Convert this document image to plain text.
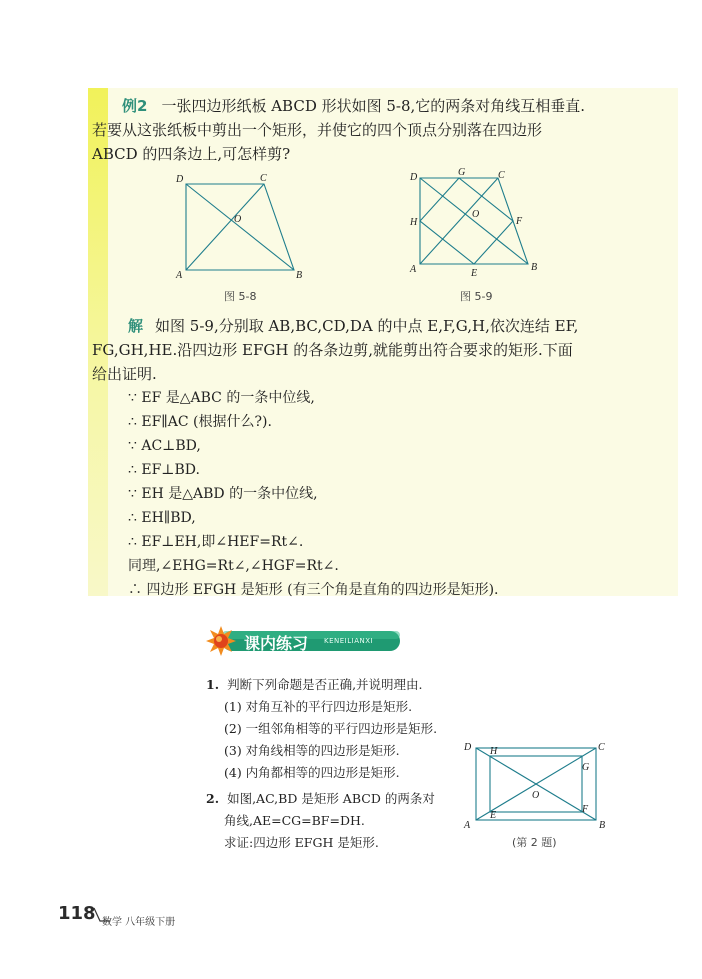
例2 一张四边形纸板 ABCD 形状如图 5-8,它的两条对角线互相垂直.
若要从这张纸板中剪出一个矩形，并使它的四个顶点分别落在四边形
ABCD 的四条边上,可怎样剪?
D	C
O
A	B
图 5-8
D	G	C
H
O
F
A	E
B
图 5-9
解 如图 5-9,分别取 AB,BC,CD,DA 的中点 E,F,G,H,依次连结 EF,
FG,GH,HE.沿四边形 EFGH 的各条边剪,就能剪出符合要求的矩形.下面
给出证明.
∵ EF 是△ABC 的一条中位线,
∴ EF∥AC (根据什么?).
∵ AC⊥BD,
∴ EF⊥BD.
∵ EH 是△ABD 的一条中位线,
∴ EH∥BD,
∴ EF⊥EH,即∠HEF=Rt∠.
同理,∠EHG=Rt∠,∠HGF=Rt∠.
∴ 四边形 EFGH 是矩形 (有三个角是直角的四边形是矩形).
课内练习 KENEILIANXI
1. 判断下列命题是否正确,并说明理由.
(1) 对角互补的平行四边形是矩形.
(2) 一组邻角相等的平行四边形是矩形.
(3) 对角线相等的四边形是矩形.
(4) 内角都相等的四边形是矩形.
2. 如图,AC,BD 是矩形 ABCD 的两条对
角线,AE=CG=BF=DH.
求证:四边形 EFGH 是矩形.
D H	C
G
O
F
E
A	B
(第 2 题)
118 数学 八年级下册
